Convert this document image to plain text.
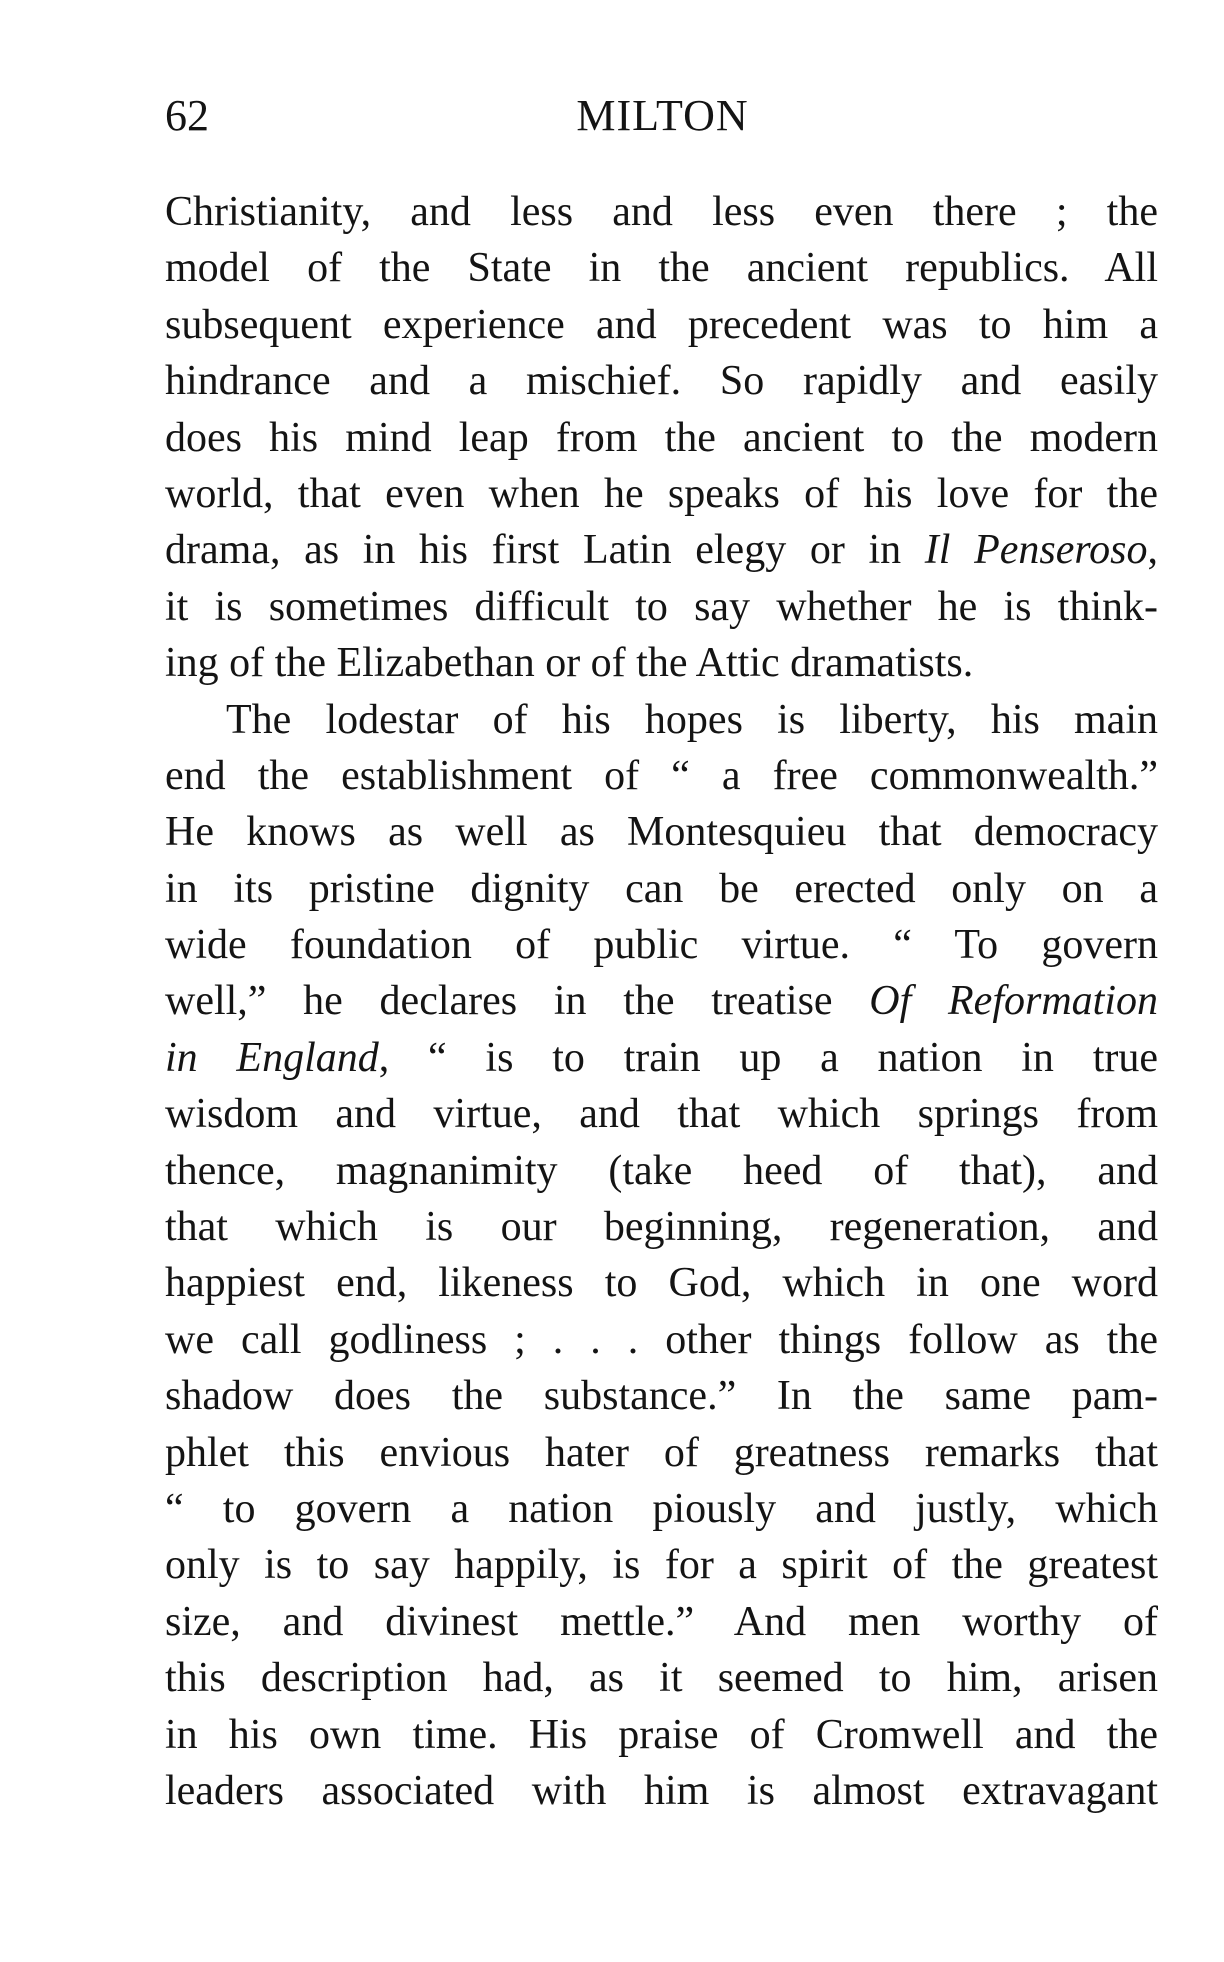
62	MILTON
Christianity, and less and less even there ; the
model of the State in the ancient republics. All
subsequent experience and precedent was to him a
hindrance and a mischief. So rapidly and easily
does his mind leap from the ancient to the modern
world, that even when he speaks of his love for the
drama, as in his first Latin elegy or in Il Penseroso,
it is sometimes difficult to say whether he is think-
ing of the Elizabethan or of the Attic dramatists.
The lodestar of his hopes is liberty, his main
end the establishment of “ a free commonwealth.”
He knows as well as Montesquieu that democracy
in its pristine dignity can be erected only on a
wide foundation of public virtue. “ To govern
well,” he declares in the treatise Of Reformation
in England, “ is to train up a nation in true
wisdom and virtue, and that which springs from
thence, magnanimity (take heed of that), and
that which is our beginning, regeneration, and
happiest end, likeness to God, which in one word
we call godliness ; . . . other things follow as the
shadow does the substance.” In the same pam-
phlet this envious hater of greatness remarks that
“ to govern a nation piously and justly, which
only is to say happily, is for a spirit of the greatest
size, and divinest mettle.” And men worthy of
this description had, as it seemed to him, arisen
in his own time. His praise of Cromwell and the
leaders associated with him is almost extravagant
